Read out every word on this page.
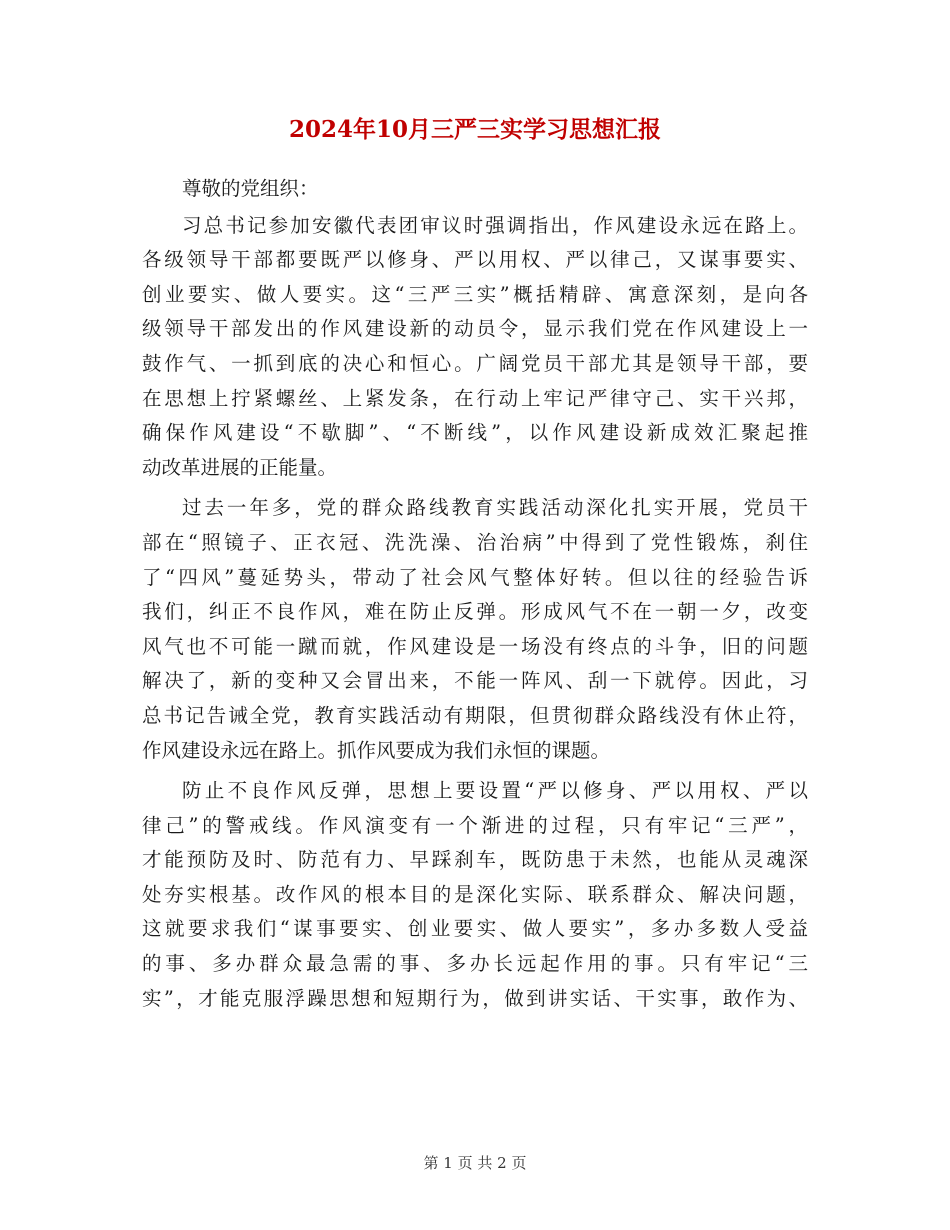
2024年10月三严三实学习思想汇报
尊敬的党组织：

习总书记参加安徽代表团审议时强调指出，作风建设永远在路上。
各级领导干部都要既严以修身、严以用权、严以律己，又谋事要实、
创业要实、做人要实。这“三严三实”概括精辟、寓意深刻，是向各
级领导干部发出的作风建设新的动员令，显示我们党在作风建设上一
鼓作气、一抓到底的决心和恒心。广阔党员干部尤其是领导干部，要
在思想上拧紧螺丝、上紧发条，在行动上牢记严律守己、实干兴邦，
确保作风建设“不歇脚”、“不断线”，以作风建设新成效汇聚起推
动改革进展的正能量。

过去一年多，党的群众路线教育实践活动深化扎实开展，党员干
部在“照镜子、正衣冠、洗洗澡、治治病”中得到了党性锻炼，刹住
了“四风”蔓延势头，带动了社会风气整体好转。但以往的经验告诉
我们，纠正不良作风，难在防止反弹。形成风气不在一朝一夕，改变
风气也不可能一蹴而就，作风建设是一场没有终点的斗争，旧的问题
解决了，新的变种又会冒出来，不能一阵风、刮一下就停。因此，习
总书记告诫全党，教育实践活动有期限，但贯彻群众路线没有休止符，
作风建设永远在路上。抓作风要成为我们永恒的课题。

防止不良作风反弹，思想上要设置“严以修身、严以用权、严以
律己”的警戒线。作风演变有一个渐进的过程，只有牢记“三严”，
才能预防及时、防范有力、早踩刹车，既防患于未然，也能从灵魂深
处夯实根基。改作风的根本目的是深化实际、联系群众、解决问题，
这就要求我们“谋事要实、创业要实、做人要实”，多办多数人受益
的事、多办群众最急需的事、多办长远起作用的事。只有牢记“三
实”，才能克服浮躁思想和短期行为，做到讲实话、干实事，敢作为、

第 1 页 共 2 页
